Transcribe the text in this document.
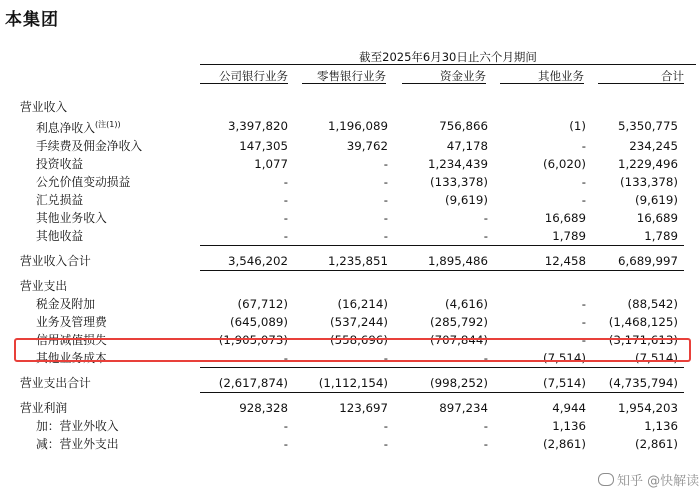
本集团
截至2025年6月30日止六个月期间
公司银行业务	零售银行业务	资金业务	其他业务	合计
营业收入						
利息净收入$^{(注(1))}$	3,397,820	1,196,089	756,866	(1)	5,350,775	
手续费及佣金净收入	147,305	39,762	47,178	-	234,245	
投资收益	1,077	-	1,234,439	(6,020)	1,229,496	
公允价值变动损益	-	-	(133,378)	-	(133,378)	
汇兑损益	-	-	(9,619)	-	(9,619)	
其他业务收入	-	-	-	16,689	16,689	
其他收益	-	-	-	1,789	1,789	

营业收入合计	3,546,202	1,235,851	1,895,486	12,458	6,689,997	

营业支出						
税金及附加	(67,712)	(16,214)	(4,616)	-	(88,542)	
业务及管理费	(645,089)	(537,244)	(285,792)	-	(1,468,125)	
信用减值损失	(1,905,073)	(558,696)	(707,844)	-	(3,171,613)	
其他业务成本	-	-	-	(7,514)	(7,514)	

营业支出合计	(2,617,874)	(1,112,154)	(998,252)	(7,514)	(4,735,794)	

营业利润	928,328	123,697	897,234	4,944	1,954,203	
加：营业外收入	-	-	-	1,136	1,136	
减：营业外支出	-	-	-	(2,861)	(2,861)	
知乎 @快解读
